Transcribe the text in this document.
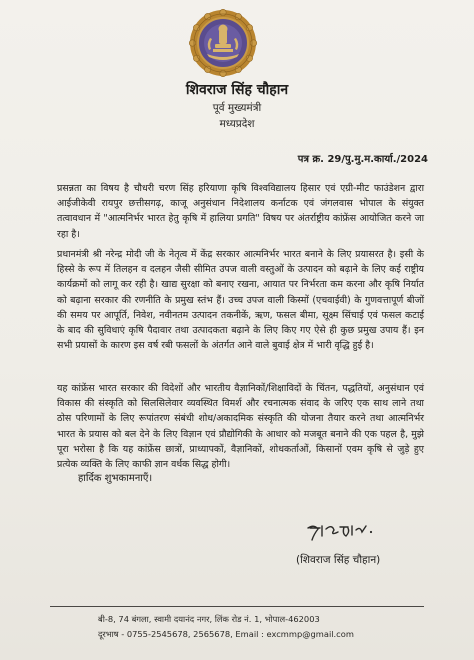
शिवराज सिंह चौहान
पूर्व मुख्यमंत्री
मध्यप्रदेश
पत्र क्र. 29/पु.मु.म.कार्या./2024

प्रसन्नता का विषय है चौधरी चरण सिंह हरियाणा कृषि विश्वविद्यालय हिसार एवं एग्री-मीट फाउंडेशन द्वारा आईजीकेवी रायपुर छत्तीसगढ़, काजू अनुसंधान निदेशालय कर्नाटक एवं जंगलवास भोपाल के संयुक्त तत्वावधान में "आत्मनिर्भर भारत हेतु कृषि में हालिया प्रगति" विषय पर अंतर्राष्ट्रीय कांफ्रेंस आयोजित करने जा रहा है।

प्रधानमंत्री श्री नरेन्द्र मोदी जी के नेतृत्व में केंद्र सरकार आत्मनिर्भर भारत बनाने के लिए प्रयासरत है। इसी के हिस्से के रूप में तिलहन व दलहन जैसी सीमित उपज वाली वस्तुओं के उत्पादन को बढ़ाने के लिए कई राष्ट्रीय कार्यक्रमों को लागू कर रही है। खाद्य सुरक्षा को बनाए रखना, आयात पर निर्भरता कम करना और कृषि निर्यात को बढ़ाना सरकार की रणनीति के प्रमुख स्तंभ हैं। उच्च उपज वाली किस्मों (एचवाईवी) के गुणवत्तापूर्ण बीजों की समय पर आपूर्ति, निवेश, नवीनतम उत्पादन तकनीकें, ऋण, फसल बीमा, सूक्ष्म सिंचाई एवं फसल कटाई के बाद की सुविधाएं कृषि पैदावार तथा उत्पादकता बढ़ाने के लिए किए गए ऐसे ही कुछ प्रमुख उपाय हैं। इन सभी प्रयासों के कारण इस वर्ष रबी फसलों के अंतर्गत आने वाले बुवाई क्षेत्र में भारी वृद्धि हुई है।

यह कांफ्रेंस भारत सरकार की विदेशों और भारतीय वैज्ञानिकों/शिक्षाविदों के चिंतन, पद्धतियों, अनुसंधान एवं विकास की संस्कृति को सिलसिलेवार व्यवस्थित विमर्श और रचनात्मक संवाद के जरिए एक साथ लाने तथा ठोस परिणामों के लिए रूपांतरण संबंधी शोध/अकादमिक संस्कृति की योजना तैयार करने तथा आत्मनिर्भर भारत के प्रयास को बल देने के लिए विज्ञान एवं प्रौद्योगिकी के आधार को मजबूत बनाने की एक पहल है, मुझे पूरा भरोसा है कि यह कांफ्रेंस छात्रों, प्राध्यापकों, वैज्ञानिकों, शोधकर्ताओं, किसानों एवम कृषि से जुड़े हुए प्रत्येक व्यक्ति के लिए काफी ज्ञान वर्धक सिद्ध होगी।

हार्दिक शुभकामनाएँ।
(शिवराज सिंह चौहान)
बी-8, 74 बंगला, स्वामी दयानंद नगर, लिंक रोड नं. 1, भोपाल-462003
दूरभाष - 0755-2545678, 2565678, Email : excmmp@gmail.com
